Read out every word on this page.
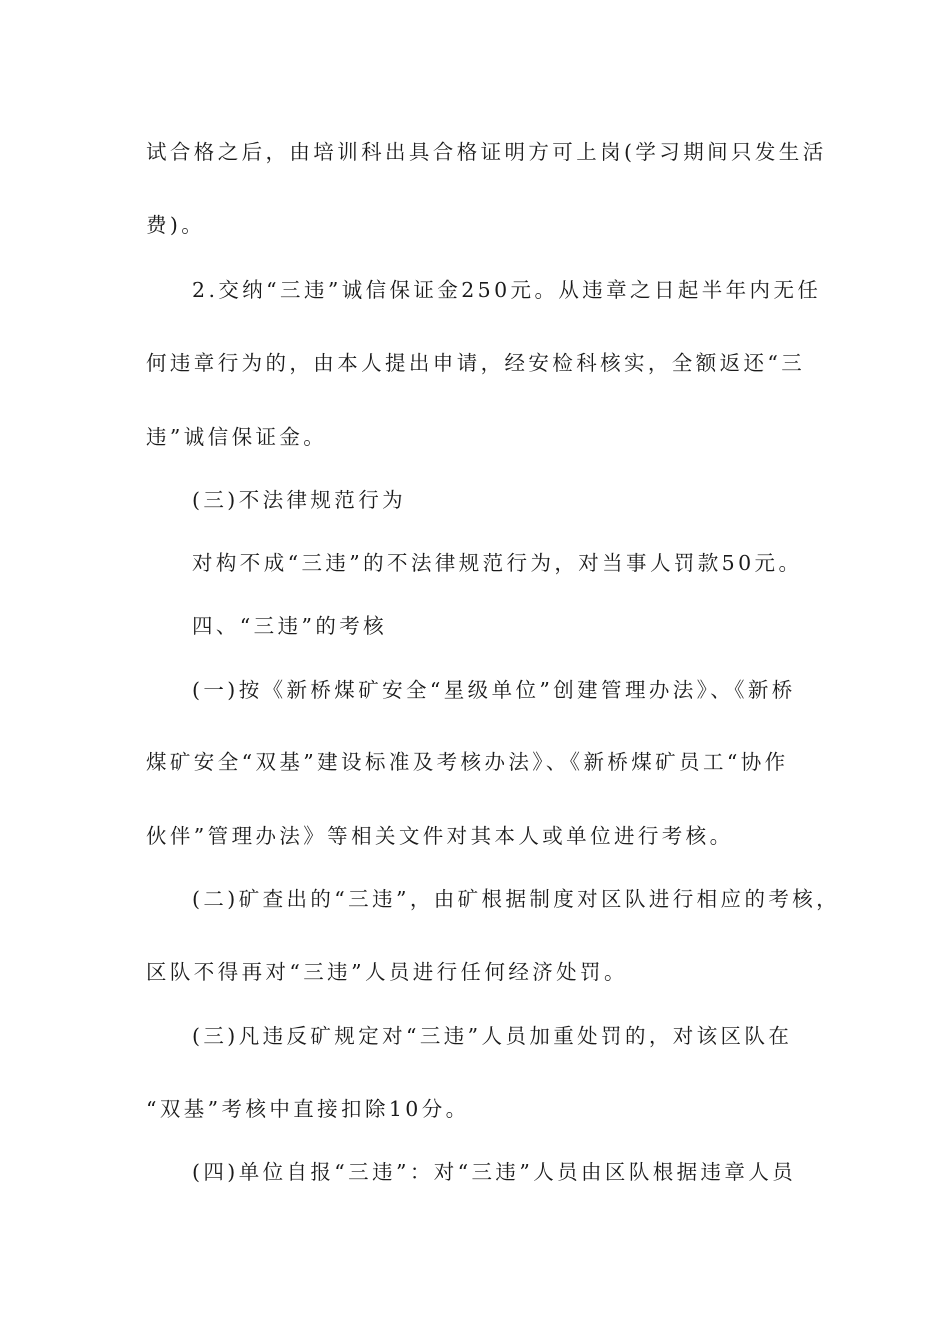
试合格之后，由培训科出具合格证明方可上岗(学习期间只发生活
费)。
2.交纳“三违”诚信保证金250元。从违章之日起半年内无任
何违章行为的，由本人提出申请，经安检科核实，全额返还“三
违”诚信保证金。
(三)不法律规范行为
对构不成“三违”的不法律规范行为，对当事人罚款50元。
四、“三违”的考核
(一)按《新桥煤矿安全“星级单位”创建管理办法》、《新桥
煤矿安全“双基”建设标准及考核办法》、《新桥煤矿员工“协作
伙伴”管理办法》等相关文件对其本人或单位进行考核。
(二)矿查出的“三违”，由矿根据制度对区队进行相应的考核，
区队不得再对“三违”人员进行任何经济处罚。
(三)凡违反矿规定对“三违”人员加重处罚的，对该区队在
“双基”考核中直接扣除10分。
(四)单位自报“三违”：对“三违”人员由区队根据违章人员
